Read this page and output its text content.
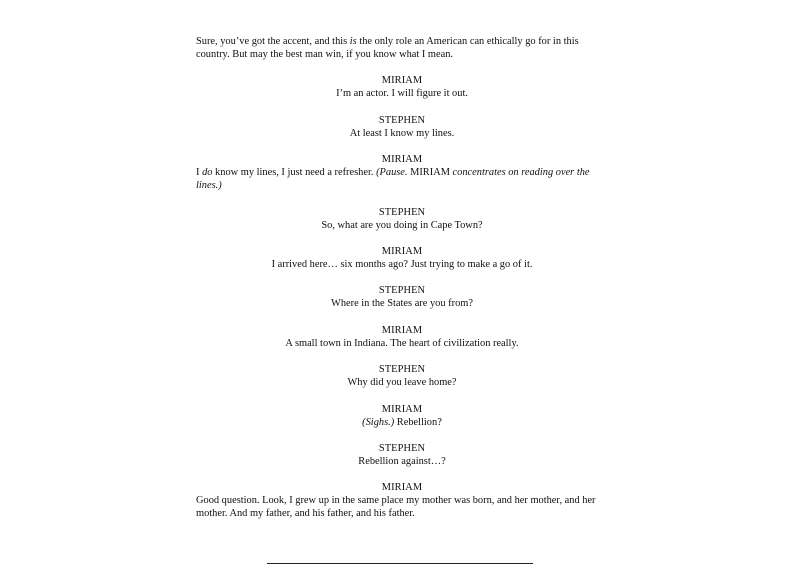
Sure, you’ve got the accent, and this is the only role an American can ethically go for in this country. But may the best man win, if you know what I mean.

MIRIAM
I’m an actor. I will figure it out.
STEPHEN
At least I know my lines.
MIRIAM
I do know my lines, I just need a refresher. (Pause. MIRIAM concentrates on reading over the lines.)
STEPHEN
So, what are you doing in Cape Town?
MIRIAM
I arrived here… six months ago? Just trying to make a go of it.
STEPHEN
Where in the States are you from?
MIRIAM
A small town in Indiana. The heart of civilization really.
STEPHEN
Why did you leave home?
MIRIAM
(Sighs.) Rebellion?
STEPHEN
Rebellion against…?
MIRIAM
Good question. Look, I grew up in the same place my mother was born, and her mother, and her mother. And my father, and his father, and his father.
